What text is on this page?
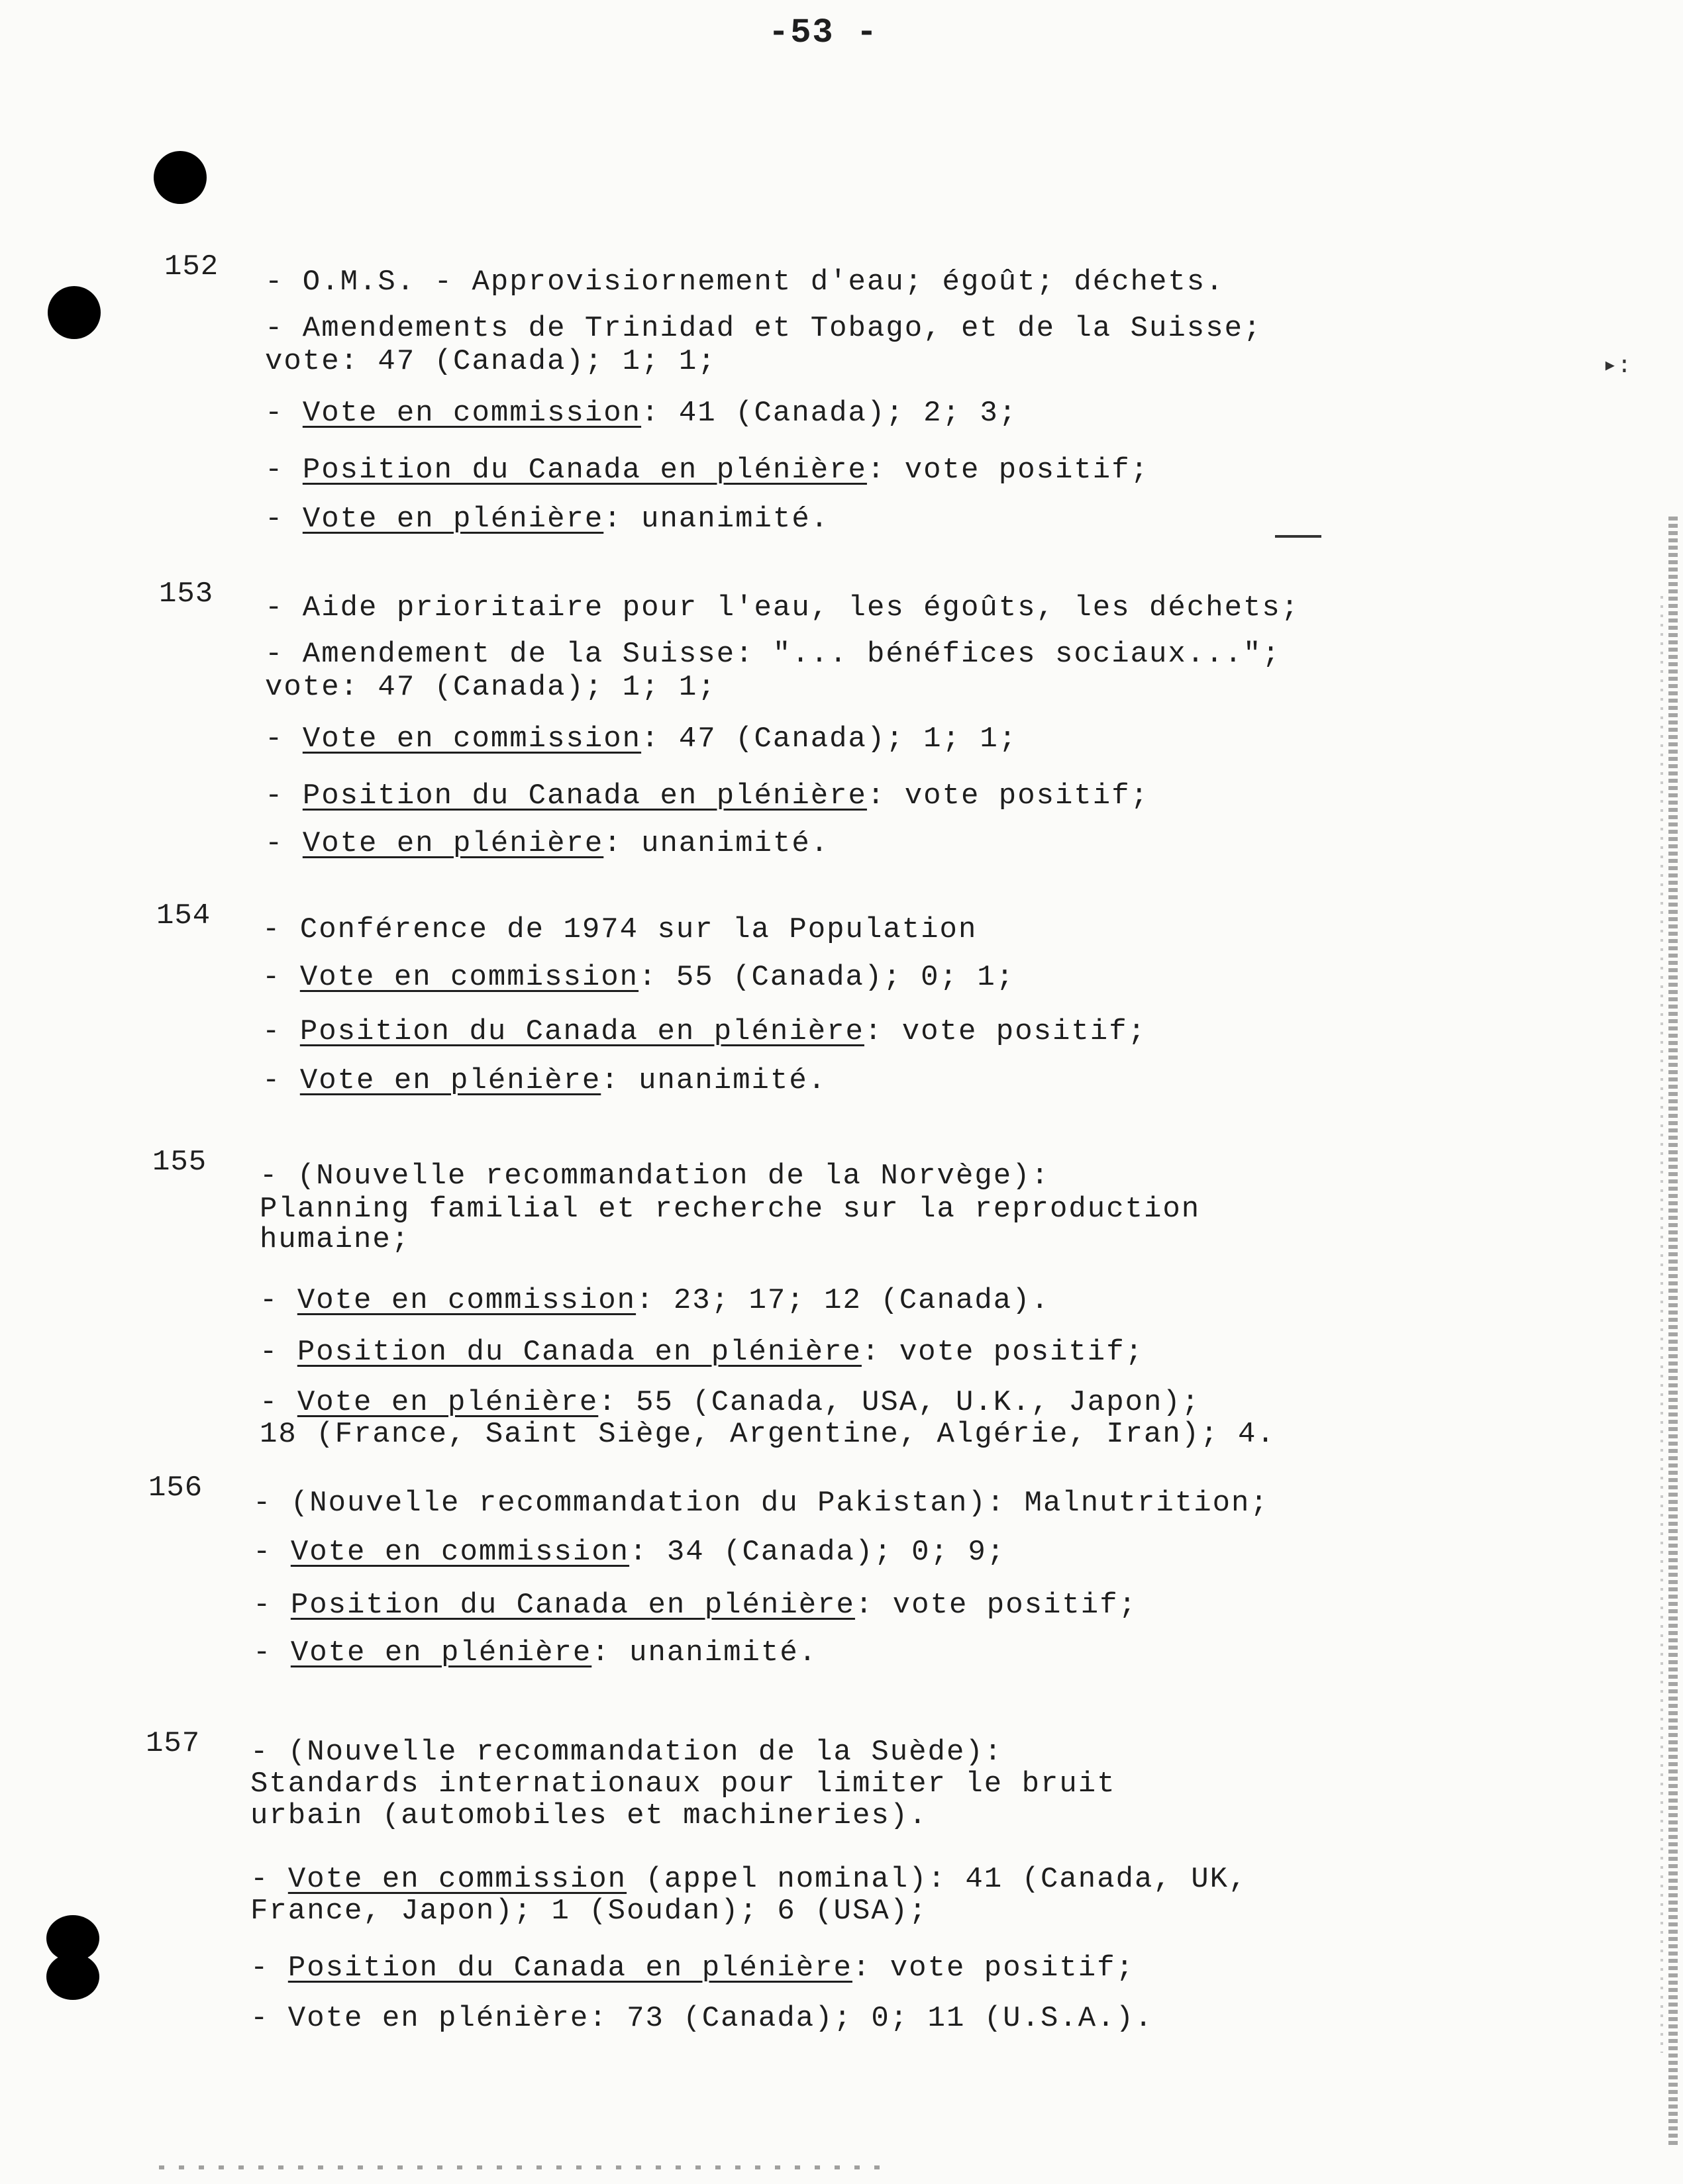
-53 -
▸:
152 - O.M.S. - Approvisiornement d'eau; égoût; déchets.
- Amendements de Trinidad et Tobago, et de la Suisse;
vote: 47 (Canada); 1; 1;
- Vote en commission: 41 (Canada); 2; 3;
- Position du Canada en plénière: vote positif;
- Vote en plénière: unanimité.
153 - Aide prioritaire pour l'eau, les égoûts, les déchets;
- Amendement de la Suisse: "... bénéfices sociaux...";
vote: 47 (Canada); 1; 1;
- Vote en commission: 47 (Canada); 1; 1;
- Position du Canada en plénière: vote positif;
- Vote en plénière: unanimité.
154 - Conférence de 1974 sur la Population
- Vote en commission: 55 (Canada); 0; 1;
- Position du Canada en plénière: vote positif;
- Vote en plénière: unanimité.
155 - (Nouvelle recommandation de la Norvège):
Planning familial et recherche sur la reproduction
humaine;
- Vote en commission: 23; 17; 12 (Canada).
- Position du Canada en plénière: vote positif;
- Vote en plénière: 55 (Canada, USA, U.K., Japon);
18 (France, Saint Siège, Argentine, Algérie, Iran); 4.
156 - (Nouvelle recommandation du Pakistan): Malnutrition;
- Vote en commission: 34 (Canada); 0; 9;
- Position du Canada en plénière: vote positif;
- Vote en plénière: unanimité.
157 - (Nouvelle recommandation de la Suède):
Standards internationaux pour limiter le bruit
urbain (automobiles et machineries).
- Vote en commission (appel nominal): 41 (Canada, UK,
France, Japon); 1 (Soudan); 6 (USA);
- Position du Canada en plénière: vote positif;
- Vote en plénière: 73 (Canada); 0; 11 (U.S.A.).
